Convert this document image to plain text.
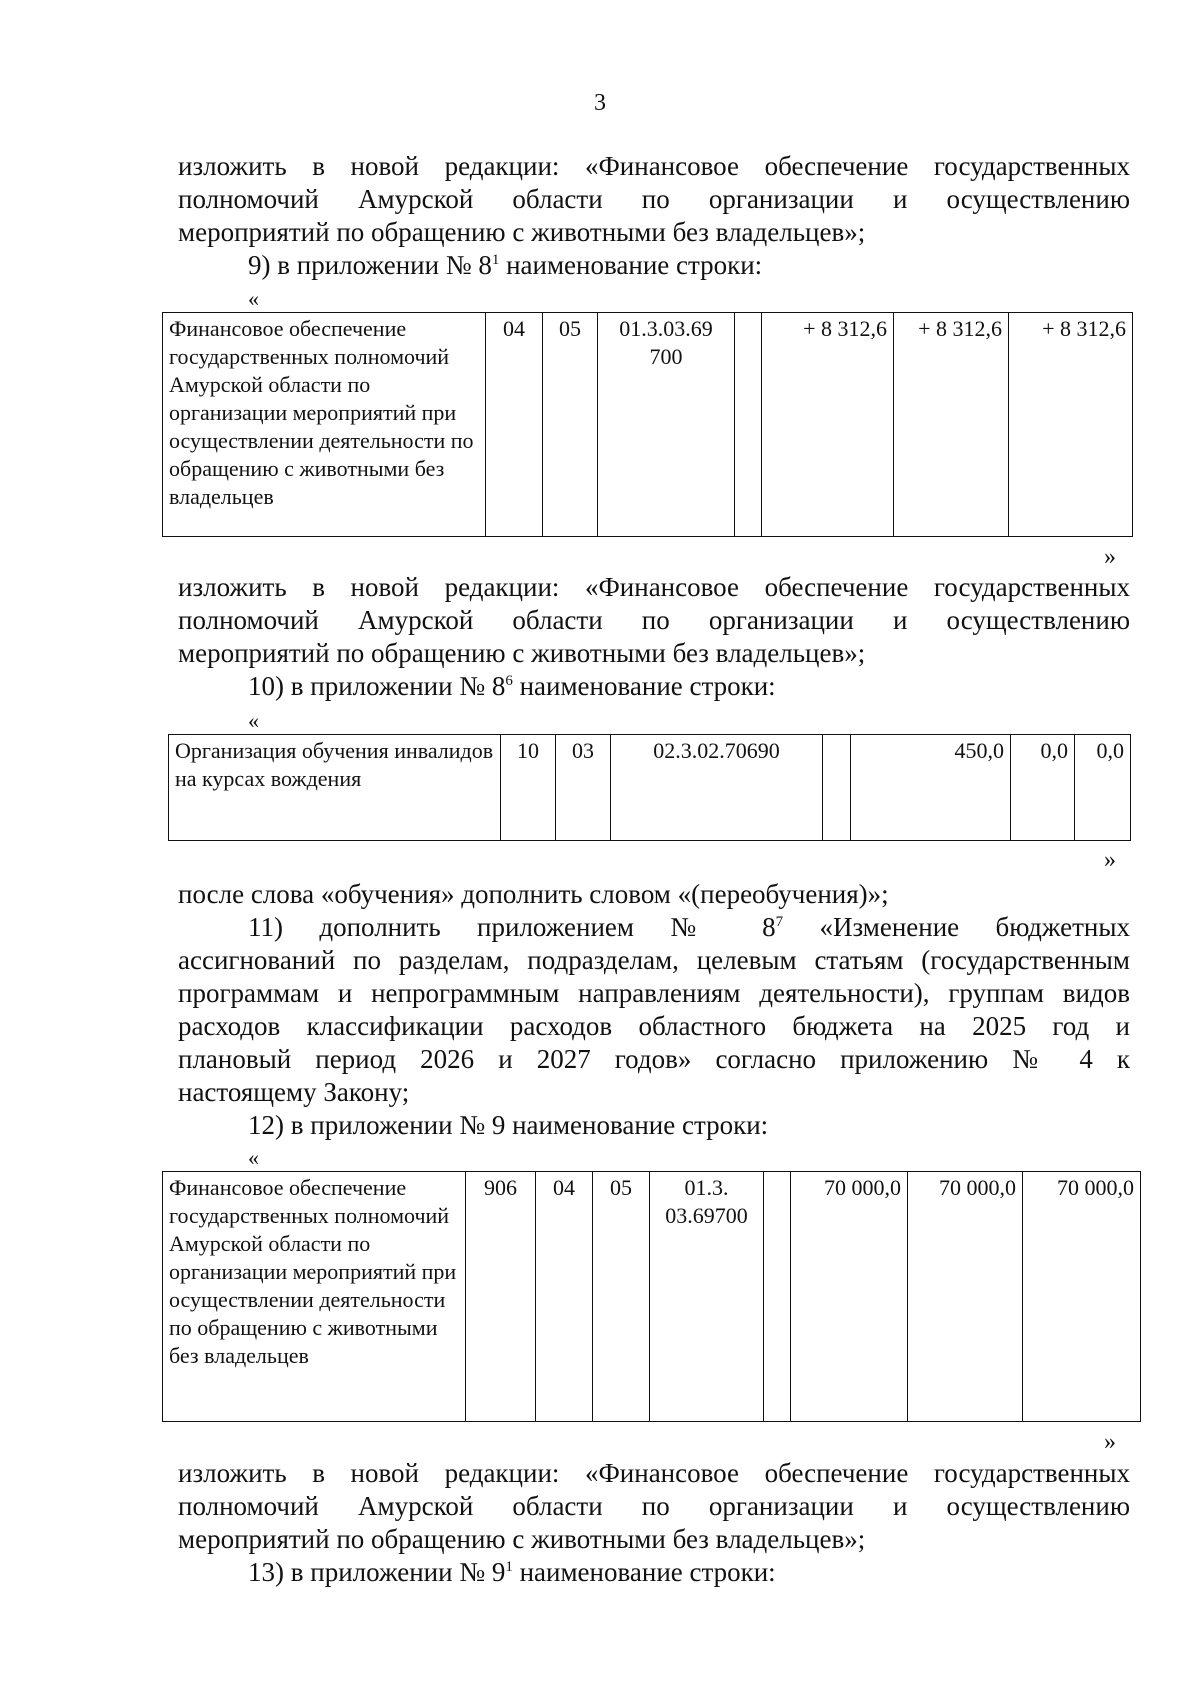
3
изложить в новой редакции: «Финансовое обеспечение государственных
полномочий Амурской области по организации и осуществлению
мероприятий по обращению с животными без владельцев»;
9) в приложении № $8^1$ наименование строки:
«
Финансовое обеспечение государственных полномочий Амурской области по организации мероприятий при осуществлении деятельности по обращению с животными без владельцев	04	05	01.3.03.69 700		+ 8 312,6	+ 8 312,6	+ 8 312,6
»
изложить в новой редакции: «Финансовое обеспечение государственных
полномочий Амурской области по организации и осуществлению
мероприятий по обращению с животными без владельцев»;
10) в приложении № $8^6$ наименование строки:
«
Организация обучения инвалидов на курсах вождения	10	03	02.3.02.70690		450,0	0,0	0,0
»
после слова «обучения» дополнить словом «(переобучения)»;
11) дополнить приложением № $8^7$ «Изменение бюджетных
ассигнований по разделам, подразделам, целевым статьям (государственным
программам и непрограммным направлениям деятельности), группам видов
расходов классификации расходов областного бюджета на 2025 год и
плановый период 2026 и 2027 годов» согласно приложению № 4 к
настоящему Закону;
12) в приложении № 9 наименование строки:
«
Финансовое обеспечение государственных полномочий Амурской области по организации мероприятий при осуществлении деятельности по обращению с животными без владельцев	906	04	05	01.3. 03.69700		70 000,0	70 000,0	70 000,0
»
изложить в новой редакции: «Финансовое обеспечение государственных
полномочий Амурской области по организации и осуществлению
мероприятий по обращению с животными без владельцев»;
13) в приложении № $9^1$ наименование строки:
